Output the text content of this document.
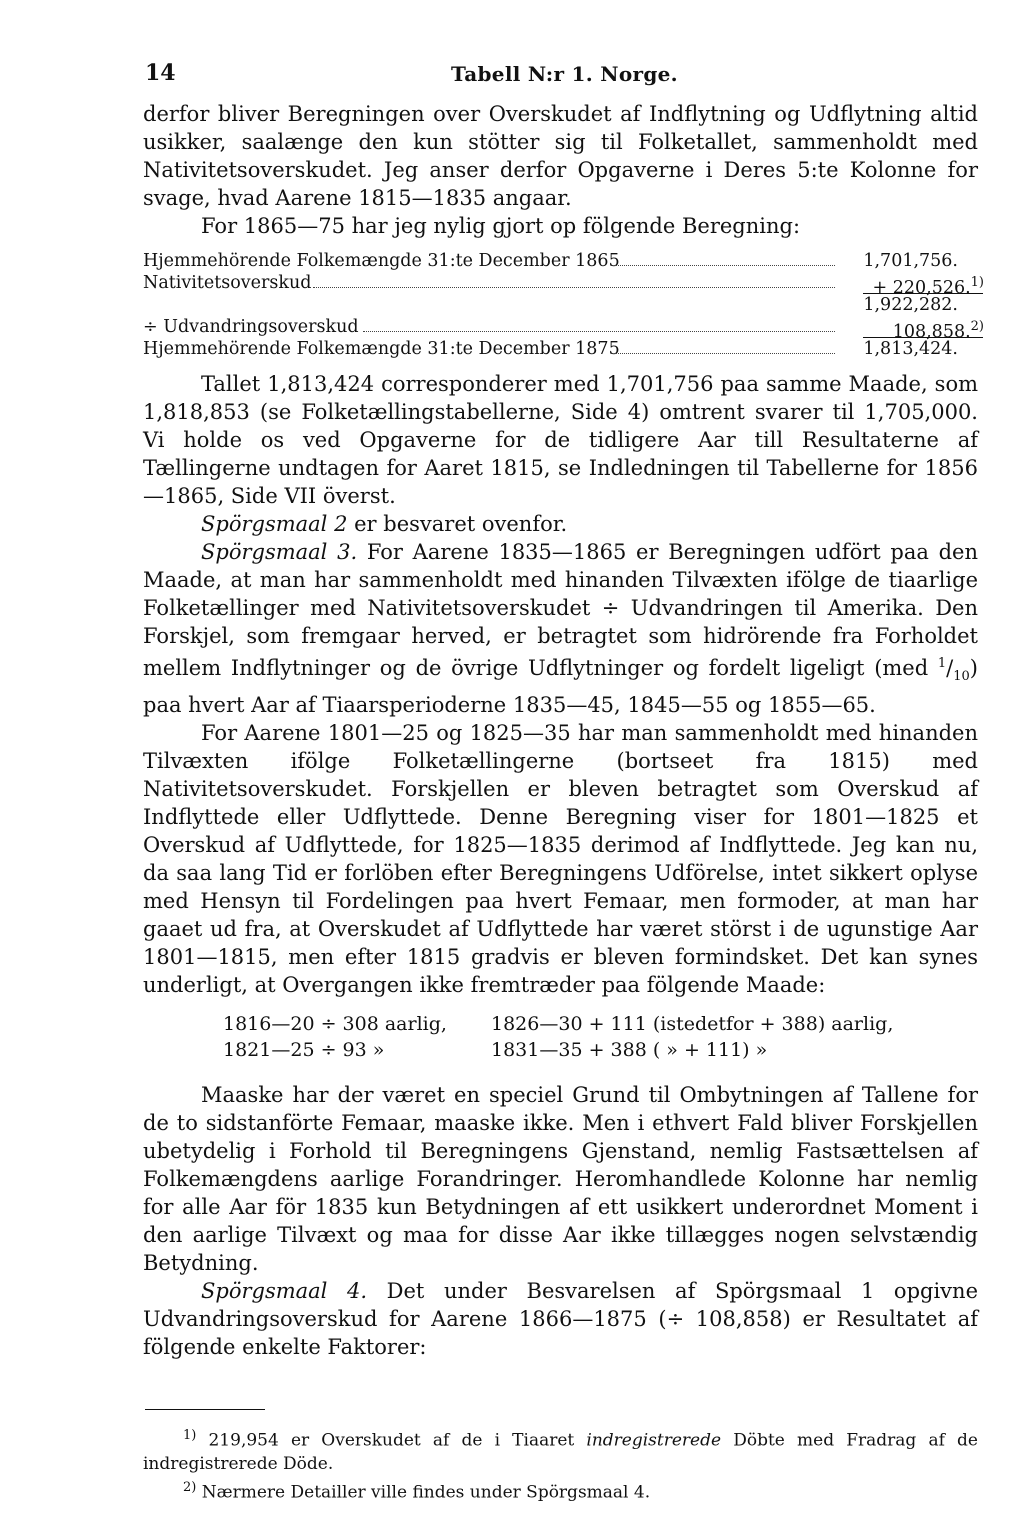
14	Tabell N:r 1. Norge.

derfor bliver Beregningen over Overskudet af Indflytning og Udflytning altid usikker, saalænge den kun stötter sig til Folketallet, sammenholdt med Nativitetsoverskudet. Jeg anser derfor Opgaverne i Deres 5:te Kolonne for svage, hvad Aarene 1815—1835 angaar.

For 1865—75 har jeg nylig gjort op fölgende Beregning:

Hjemmehörende Folkemængde 31:te December 1865	1,701,756.
Nativitetsoverskud	+ 220,526.$^{1)}$
1,922,282.
÷ Udvandringsoverskud	108,858.$^{2)}$
Hjemmehörende Folkemængde 31:te December 1875	1,813,424.

Tallet 1,813,424 corresponderer med 1,701,756 paa samme Maade, som 1,818,853 (se Folketællingstabellerne, Side 4) omtrent svarer til 1,705,000. Vi holde os ved Opgaverne for de tidligere Aar till Resultaterne af Tællingerne undtagen for Aaret 1815, se Indledningen til Tabellerne for 1856—1865, Side VII överst.

Spörgsmaal 2 er besvaret ovenfor.

Spörgsmaal 3. For Aarene 1835—1865 er Beregningen udfört paa den Maade, at man har sammenholdt med hinanden Tilvæxten ifölge de tiaarlige Folketællinger med Nativitetsoverskudet ÷ Udvandringen til Amerika. Den Forskjel, som fremgaar herved, er betragtet som hidrörende fra Forholdet mellem Indflytninger og de övrige Udflytninger og fordelt ligeligt (med $^1/_{10}$) paa hvert Aar af Tiaarsperioderne 1835—45, 1845—55 og 1855—65.

For Aarene 1801—25 og 1825—35 har man sammenholdt med hinanden Tilvæxten ifölge Folketællingerne (bortseet fra 1815) med Nativitetsoverskudet. Forskjellen er bleven betragtet som Overskud af Indflyttede eller Udflyttede. Denne Beregning viser for 1801—1825 et Overskud af Udflyttede, for 1825—1835 derimod af Indflyttede. Jeg kan nu, da saa lang Tid er forlöben efter Beregningens Udförelse, intet sikkert oplyse med Hensyn til Fordelingen paa hvert Femaar, men formoder, at man har gaaet ud fra, at Overskudet af Udflyttede har været störst i de ugunstige Aar 1801—1815, men efter 1815 gradvis er bleven formindsket. Det kan synes underligt, at Overgangen ikke fremtræder paa fölgende Maade:

1816—20 ÷ 308 aarlig, 1826—30 + 111 (istedetfor + 388) aarlig,
1821—25 ÷ 93 »	1831—35 + 388 ( » + 111) »

Maaske har der været en speciel Grund til Ombytningen af Tallene for de to sidstanförte Femaar, maaske ikke. Men i ethvert Fald bliver Forskjellen ubetydelig i Forhold til Beregningens Gjenstand, nemlig Fastsættelsen af Folkemængdens aarlige Forandringer. Heromhandlede Kolonne har nemlig for alle Aar för 1835 kun Betydningen af ett usikkert underordnet Moment i den aarlige Tilvæxt og maa for disse Aar ikke tillægges nogen selvstændig Betydning.

Spörgsmaal 4. Det under Besvarelsen af Spörgsmaal 1 opgivne Udvandringsoverskud for Aarene 1866—1875 (÷ 108,858) er Resultatet af fölgende enkelte Faktorer:

$^{1)}$ 219,954 er Overskudet af de i Tiaaret indregistrerede Döbte med Fradrag af de indregistrerede Döde.

$^{2)}$ Nærmere Detailler ville findes under Spörgsmaal 4.
